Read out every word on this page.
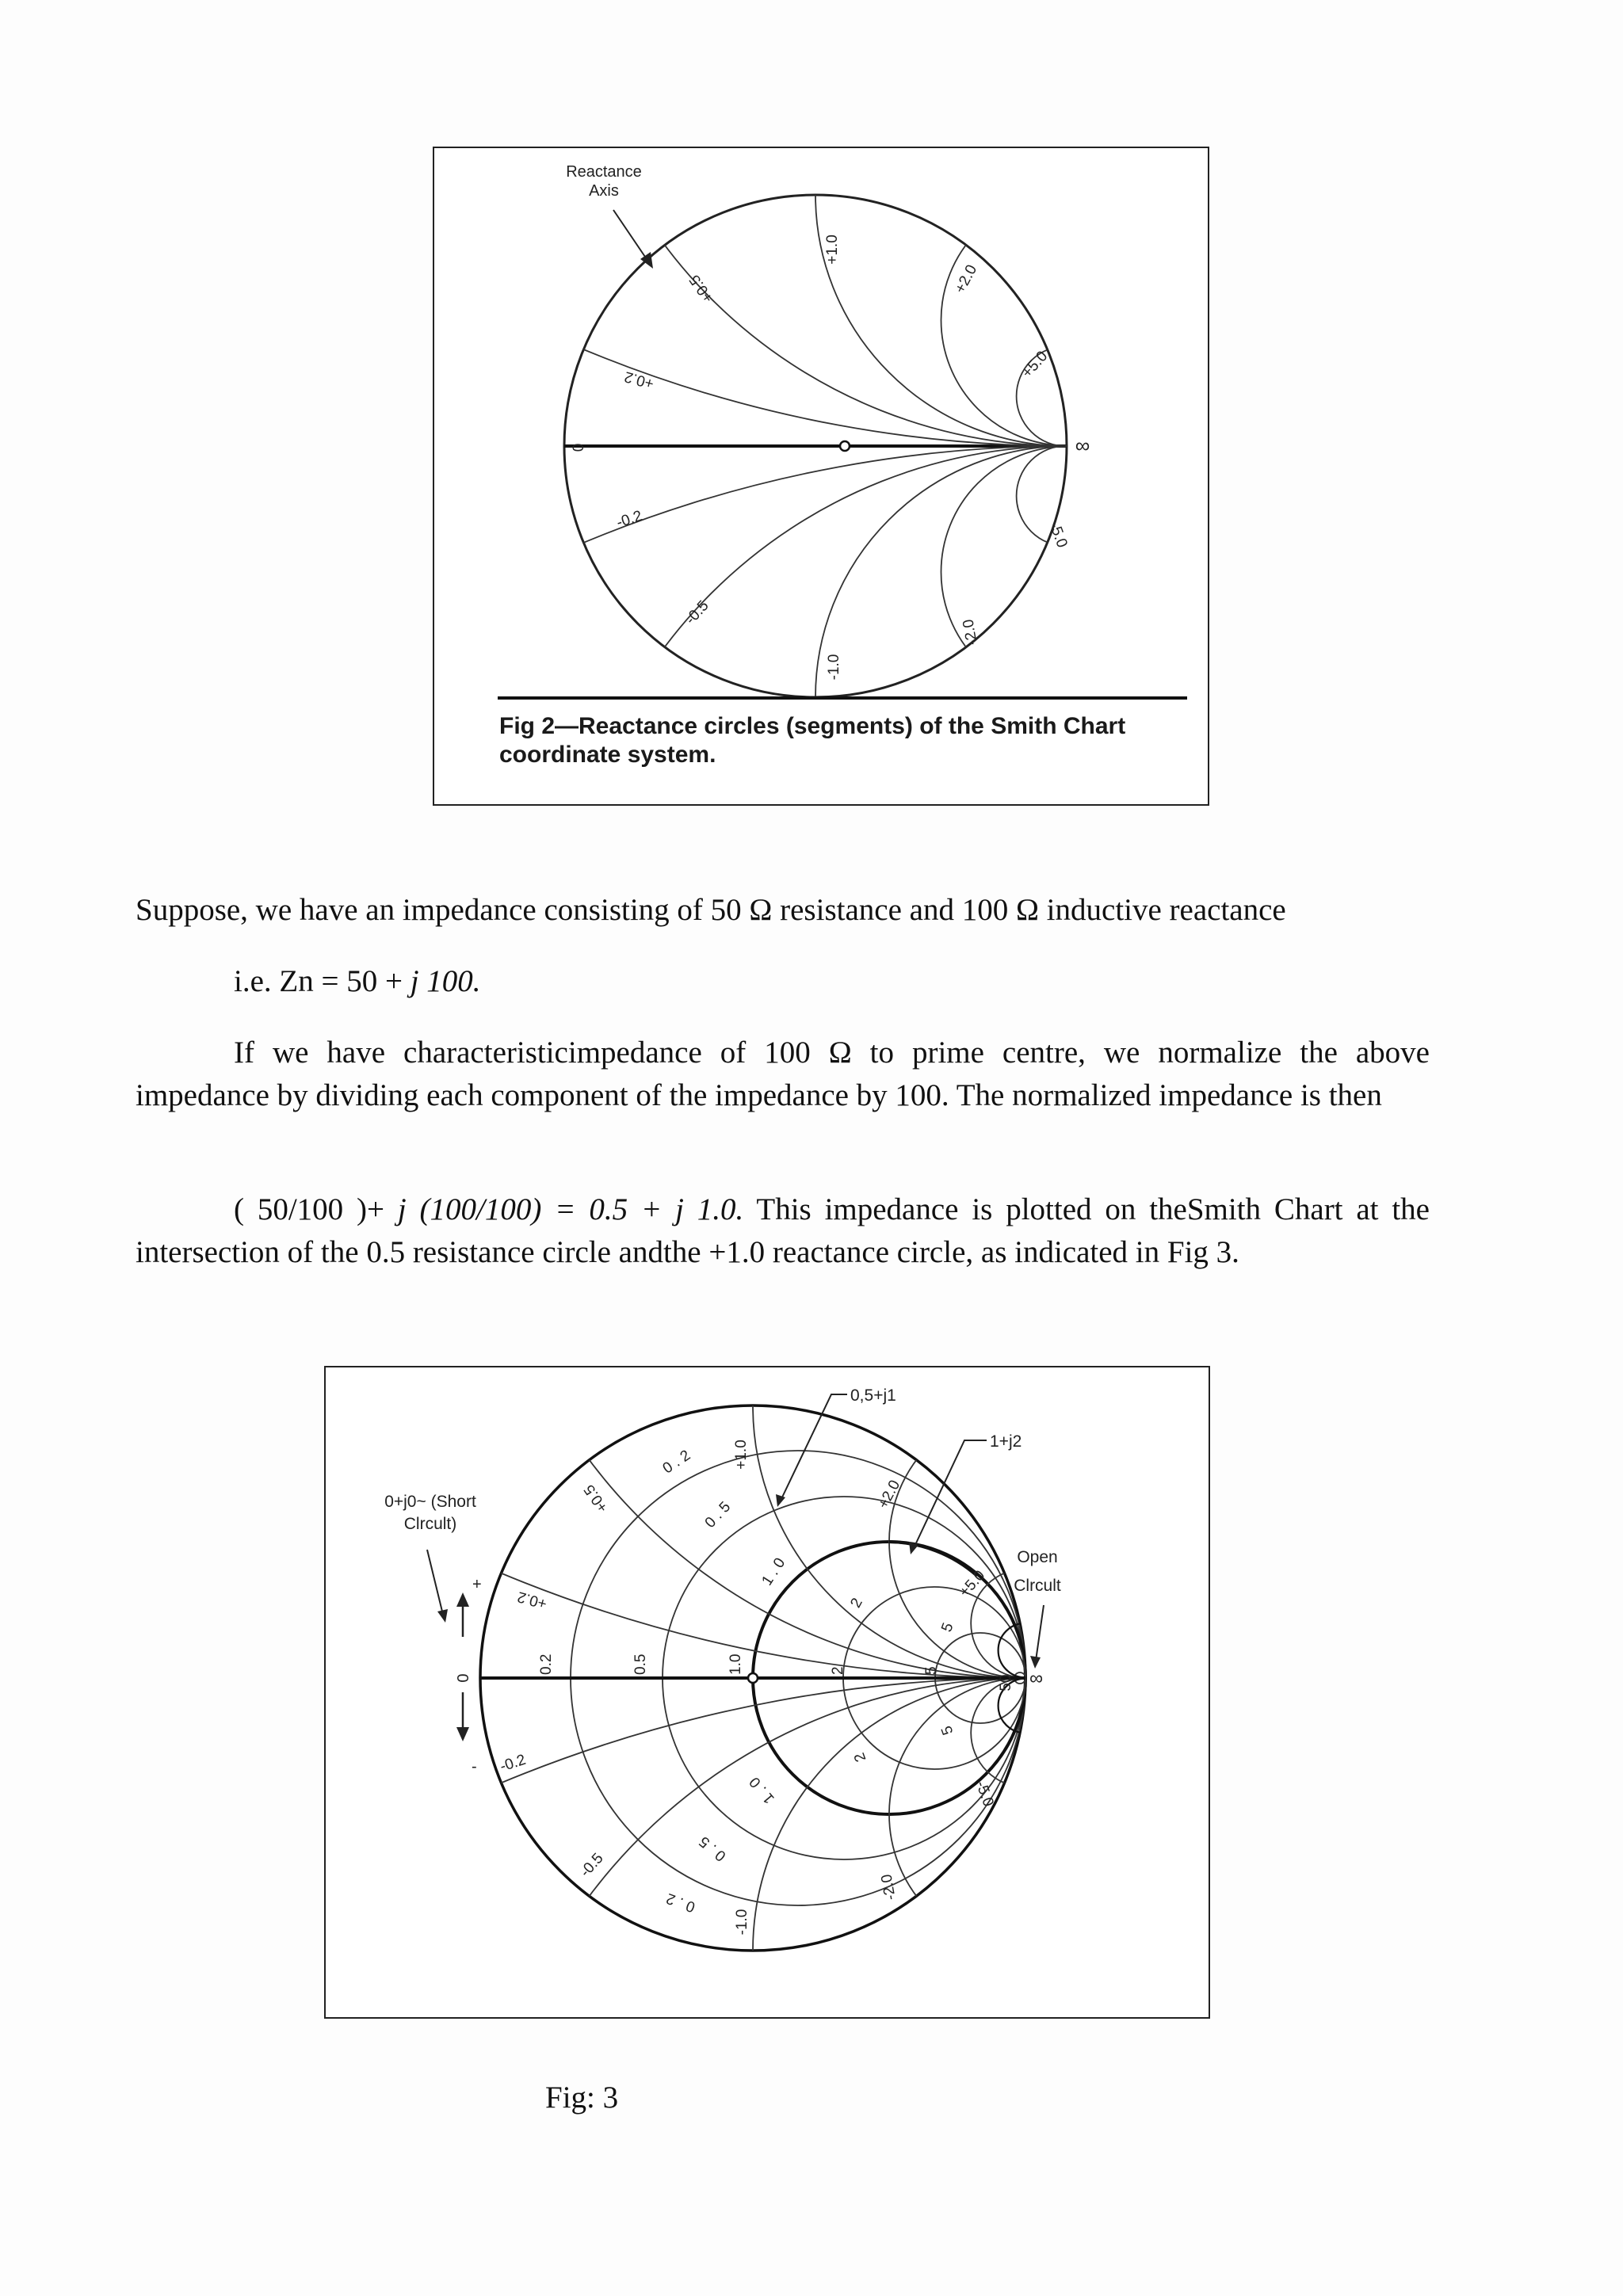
Reactance
Axis
+1.0
+0.5	+2.0
+0.2	+5.0
0	∞
-0.2
-5.0
-0.5
-2.0
-1.0
Fig 2—Reactance circles (segments) of the Smith Chart
coordinate system.
Suppose, we have an impedance consisting of 50 Ω resistance and 100 Ω inductive reactance
i.e. Zn = 50 + j 100.
If we have characteristicimpedance of 100 Ω to prime centre, we normalize the above impedance by dividing each component of the impedance by 100. The normalized impedance is then
( 50/100 )+ j (100/100) = 0.5 + j 1.0. This impedance is plotted on theSmith Chart at the intersection of the 0.5 resistance circle andthe +1.0 reactance circle, as indicated in Fig 3.
0+j0~ (Short
Clrcult)
+
0
-
0,5+j1
1+j2
Open
Clrcult
0.2	0.5	1.0	2	5
50 ∞
+1.0
+0.5	+2.0
+0.2	+5.0
-0.2
-0.5
-1.0
-2.0
-5.0
0 . 2
0 . 5
1 . 0
2
5
0 . 2
0 . 5
1 . 0
2
5
Fig: 3
